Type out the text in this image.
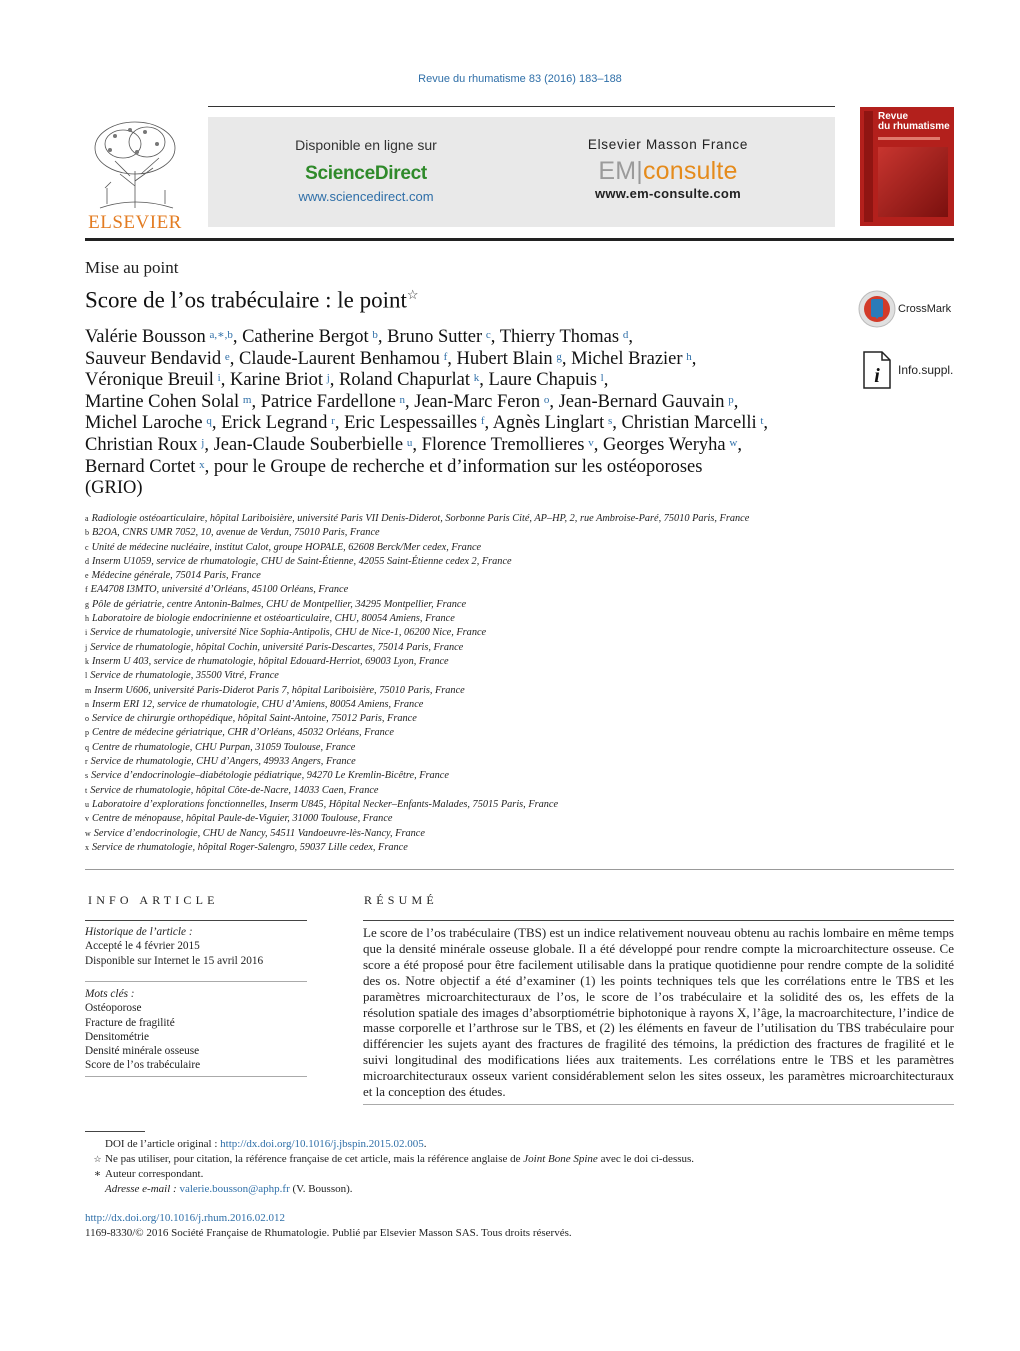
Revue du rhumatisme 83 (2016) 183–188
ELSEVIER
Disponible en ligne sur
ScienceDirect
www.sciencedirect.com
Elsevier Masson France
EM|consulte
www.em-consulte.com
Revue
du rhumatisme
Mise au point
Score de l’os trabéculaire : le point☆
CrossMark
i Info.suppl.
Valérie Bousson  $^{a,∗,b}$, Catherine Bergot  $^b$, Bruno Sutter  $^c$, Thierry Thomas  $^d$,
Sauveur Bendavid  $^e$, Claude-Laurent Benhamou  $^f$, Hubert Blain  $^g$, Michel Brazier  $^h$,
Véronique Breuil  $^i$, Karine Briot  $^j$, Roland Chapurlat  $^k$, Laure Chapuis  $^l$,
Martine Cohen Solal  $^m$, Patrice Fardellone  $^n$, Jean-Marc Feron  $^o$, Jean-Bernard Gauvain  $^p$,
Michel Laroche  $^q$, Erick Legrand  $^r$, Eric Lespessailles  $^f$, Agnès Linglart  $^s$, Christian Marcelli  $^t$,
Christian Roux  $^j$, Jean-Claude Souberbielle  $^u$, Florence Tremollieres  $^v$, Georges Weryha  $^w$,
Bernard Cortet  $^x$, pour le Groupe de recherche et d’information sur les ostéoporoses
(GRIO)
$^a$ Radiologie ostéoarticulaire, hôpital Lariboisière, université Paris VII Denis-Diderot, Sorbonne Paris Cité, AP–HP, 2, rue Ambroise-Paré, 75010 Paris, France
$^b$ B2OA, CNRS UMR 7052, 10, avenue de Verdun, 75010 Paris, France
$^c$ Unité de médecine nucléaire, institut Calot, groupe HOPALE, 62608 Berck/Mer cedex, France
$^d$ Inserm U1059, service de rhumatologie, CHU de Saint-Étienne, 42055 Saint-Étienne cedex 2, France
$^e$ Médecine générale, 75014 Paris, France
$^f$ EA4708 I3MTO, université d’Orléans, 45100 Orléans, France
$^g$ Pôle de gériatrie, centre Antonin-Balmes, CHU de Montpellier, 34295 Montpellier, France
$^h$ Laboratoire de biologie endocrinienne et ostéoarticulaire, CHU, 80054 Amiens, France
$^i$ Service de rhumatologie, université Nice Sophia-Antipolis, CHU de Nice-1, 06200 Nice, France
$^j$ Service de rhumatologie, hôpital Cochin, université Paris-Descartes, 75014 Paris, France
$^k$ Inserm U 403, service de rhumatologie, hôpital Edouard-Herriot, 69003 Lyon, France
$^l$ Service de rhumatologie, 35500 Vitré, France
$^m$ Inserm U606, université Paris-Diderot Paris 7, hôpital Lariboisière, 75010 Paris, France
$^n$ Inserm ERI 12, service de rhumatologie, CHU d’Amiens, 80054 Amiens, France
$^o$ Service de chirurgie orthopédique, hôpital Saint-Antoine, 75012 Paris, France
$^p$ Centre de médecine gériatrique, CHR d’Orléans, 45032 Orléans, France
$^q$ Centre de rhumatologie, CHU Purpan, 31059 Toulouse, France
$^r$ Service de rhumatologie, CHU d’Angers, 49933 Angers, France
$^s$ Service d’endocrinologie–diabétologie pédiatrique, 94270 Le Kremlin-Bicêtre, France
$^t$ Service de rhumatologie, hôpital Côte-de-Nacre, 14033 Caen, France
$^u$ Laboratoire d’explorations fonctionnelles, Inserm U845, Hôpital Necker–Enfants-Malades, 75015 Paris, France
$^v$ Centre de ménopause, hôpital Paule-de-Viguier, 31000 Toulouse, France
$^w$ Service d’endocrinologie, CHU de Nancy, 54511 Vandoeuvre-lès-Nancy, France
$^x$ Service de rhumatologie, hôpital Roger-Salengro, 59037 Lille cedex, France
INFO ARTICLE
Historique de l’article :
Accepté le 4 février 2015
Disponible sur Internet le 15 avril 2016
Mots clés :
Ostéoporose
Fracture de fragilité
Densitométrie
Densité minérale osseuse
Score de l’os trabéculaire
RÉSUMÉ
Le score de l’os trabéculaire (TBS) est un indice relativement nouveau obtenu au rachis lombaire en même temps que la densité minérale osseuse globale. Il a été développé pour rendre compte la microarchitecture osseuse. Ce score a été proposé pour être facilement utilisable dans la pratique quotidienne pour rendre compte de la solidité des os. Notre objectif a été d’examiner (1) les points techniques tels que les corrélations entre le TBS et les paramètres microarchitecturaux de l’os, le score de l’os trabéculaire et la solidité des os, les effets de la résolution spatiale des images d’absorptiométrie biphotonique à rayons X, l’âge, la macroarchitecture, l’indice de masse corporelle et l’arthrose sur le TBS, et (2) les éléments en faveur de l’utilisation du TBS trabéculaire pour différencier les sujets ayant des fractures de fragilité des témoins, la prédiction des fractures de fragilité et le suivi longitudinal des modifications liées aux traitements. Les corrélations entre le TBS et les paramètres microarchitecturaux osseux varient considérablement selon les sites osseux, les paramètres microarchitecturaux et la conception des études.
DOI de l’article original : http://dx.doi.org/10.1016/j.jbspin.2015.02.005.
☆ Ne pas utiliser, pour citation, la référence française de cet article, mais la référence anglaise de Joint Bone Spine avec le doi ci-dessus.
∗ Auteur correspondant.
Adresse e-mail : valerie.bousson@aphp.fr (V. Bousson).
http://dx.doi.org/10.1016/j.rhum.2016.02.012
1169-8330/© 2016 Société Française de Rhumatologie. Publié par Elsevier Masson SAS. Tous droits réservés.
